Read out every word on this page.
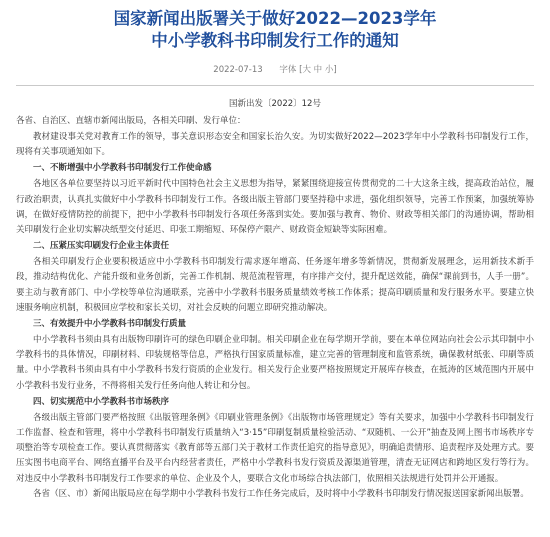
国家新闻出版署关于做好2022—2023学年
中小学教科书印制发行工作的通知
2022-07-13 字体 [大 中 小]
国新出发〔2022〕12号
各省、自治区、直辖市新闻出版局，各相关印刷、发行单位：

教材建设事关党对教育工作的领导，事关意识形态安全和国家长治久安。为切实做好2022—2023学年中小学教科书印制发行工作，现将有关事项通知如下。

一、不断增强中小学教科书印制发行工作使命感

各地区各单位要坚持以习近平新时代中国特色社会主义思想为指导，紧紧围绕迎接宣传贯彻党的二十大这条主线，提高政治站位，履行政治职责，认真扎实做好中小学教科书印制发行工作。各级出版主管部门要坚持稳中求进，强化组织领导，完善工作预案，加强统筹协调，在做好疫情防控的前提下，把中小学教科书印制发行各项任务落到实处。要加强与教育、物价、财政等相关部门的沟通协调，帮助相关印刷发行企业切实解决纸型交付延迟、印张工期缩短、环保停产限产、财政资金短缺等实际困难。

二、压紧压实印刷发行企业主体责任

各相关印刷发行企业要积极适应中小学教科书印制发行需求逐年增高、任务逐年增多等新情况，贯彻新发展理念，运用新技术新手段，推动结构优化、产能升级和业务创新，完善工作机制、规范流程管理，有序排产交付，提升配送效能，确保“课前到书，人手一册”。要主动与教育部门、中小学校等单位沟通联系，完善中小学教科书服务质量绩效考核工作体系；提高印刷质量和发行服务水平。要建立快速服务响应机制，积极回应学校和家长关切，对社会反映的问题立即研究推动解决。

三、有效提升中小学教科书印制发行质量

中小学教科书须由具有出版物印刷许可的绿色印刷企业印制。相关印刷企业在每学期开学前，要在本单位网站向社会公示其印制中小学教科书的具体情况，印刷材料、印装规格等信息，严格执行国家质量标准，建立完善的管理制度和监管系统，确保教材纸张、印刷等质量。中小学教科书须由具有中小学教科书发行资质的企业发行。相关发行企业要严格按照规定开展库存核查，在抵涛的区域范围内开展中小学教科书发行业务，不得将相关发行任务向他人转让和分包。

四、切实规范中小学教科书市场秩序

各级出版主管部门要严格按照《出版管理条例》《印刷业管理条例》《出版物市场管理规定》等有关要求，加强中小学教科书印制发行工作监督、检查和管理，将中小学教科书印制发行质量纳入“3·15”印刷复制质量检验活动、“双随机、一公开”抽查及网上图书市场秩序专项整治等专项检查工作。要认真贯彻落实《教育部等五部门关于教材工作责任追究的指导意见》，明确追责情形、追责程序及处理方式。要压实图书电商平台、网络直播平台及平台内经营者责任，严格中小学教科书发行资质及源渠道管理，清查无证网店和跨地区发行等行为。对违反中小学教科书印制发行工作要求的单位、企业及个人，要联合文化市场综合执法部门，依照相关法规进行处罚并公开通报。

各省（区、市）新闻出版局应在每学期中小学教科书发行工作任务完成后，及时将中小学教科书印制发行情况报送国家新闻出版署。
